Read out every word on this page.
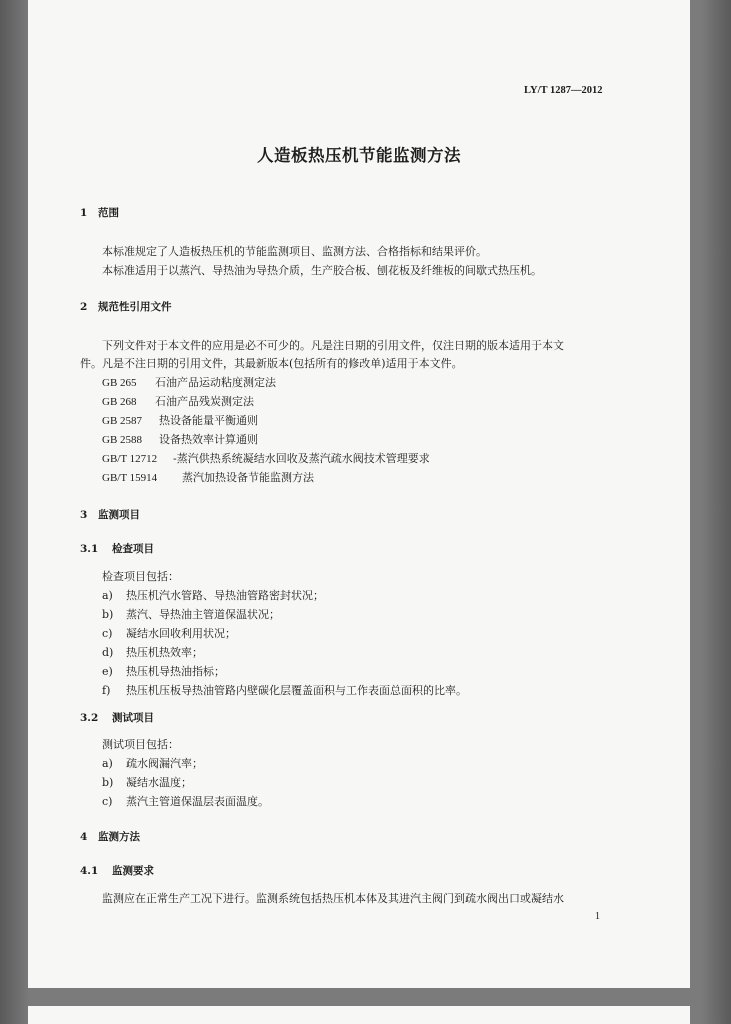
LY/T 1287—2012
人造板热压机节能监测方法
1 范围
本标准规定了人造板热压机的节能监测项目、监测方法、合格指标和结果评价。
本标准适用于以蒸汽、导热油为导热介质，生产胶合板、刨花板及纤维板的间歇式热压机。
2 规范性引用文件
下列文件对于本文件的应用是必不可少的。凡是注日期的引用文件，仅注日期的版本适用于本文
件。凡是不注日期的引用文件，其最新版本(包括所有的修改单)适用于本文件。
GB 265 石油产品运动粘度测定法
GB 268 石油产品残炭测定法
GB 2587 热设备能量平衡通则
GB 2588 设备热效率计算通则
GB/T 12712 -蒸汽供热系统凝结水回收及蒸汽疏水阀技术管理要求
GB/T 15914 蒸汽加热设备节能监测方法
3 监测项目
3.1 检查项目
检查项目包括：
a) 热压机汽水管路、导热油管路密封状况；
b) 蒸汽、导热油主管道保温状况；
c) 凝结水回收利用状况；
d) 热压机热效率；
e) 热压机导热油指标；
f) 热压机压板导热油管路内壁碳化层覆盖面积与工作表面总面积的比率。
3.2 测试项目
测试项目包括：
a) 疏水阀漏汽率；
b) 凝结水温度；
c) 蒸汽主管道保温层表面温度。
4 监测方法
4.1 监测要求
监测应在正常生产工况下进行。监测系统包括热压机本体及其进汽主阀门到疏水阀出口或凝结水
1
